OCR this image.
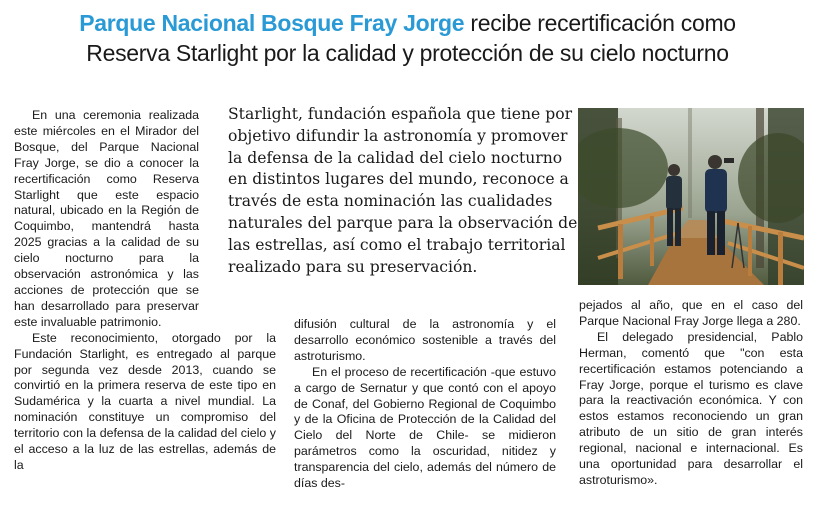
Parque Nacional Bosque Fray Jorge recibe recertificación como
Reserva Starlight por la calidad y protección de su cielo nocturno

En una ceremonia realizada este miércoles en el Mirador del Bosque, del Parque Nacional Fray Jorge, se dio a conocer la recertificación como Reserva Starlight que este espacio natural, ubicado en la Región de Coquimbo, mantendrá hasta 2025 gracias a la calidad de su cielo nocturno para la observación astronómica y las acciones de protección que se han desarrollado para preservar este invaluable patrimonio.

Este reconocimiento, otorgado por la Fundación Starlight, es entregado al parque por segunda vez desde 2013, cuando se convirtió en la primera reserva de este tipo en Sudamérica y la cuarta a nivel mundial. La nominación constituye un compromiso del territorio con la defensa de la calidad del cielo y el acceso a la luz de las estrellas, además de la

Starlight, fundación española que tiene por
objetivo difundir la astronomía y promover
la defensa de la calidad del cielo nocturno
en distintos lugares del mundo, reconoce a
través de esta nominación las cualidades
naturales del parque para la observación de
las estrellas, así como el trabajo territorial
realizado para su preservación.

difusión cultural de la astronomía y el desarrollo económico sostenible a través del astroturismo.

En el proceso de recertificación -que estuvo a cargo de Sernatur y que contó con el apoyo de Conaf, del Gobierno Regional de Coquimbo y de la Oficina de Protección de la Calidad del Cielo del Norte de Chile- se midieron parámetros como la oscuridad, nitidez y transparencia del cielo, además del número de días des-

pejados al año, que en el caso del Parque Nacional Fray Jorge llega a 280.

El delegado presidencial, Pablo Herman, comentó que "con esta recertificación estamos potenciando a Fray Jorge, porque el turismo es clave para la reactivación económica. Y con estos estamos reconociendo un gran atributo de un sitio de gran interés regional, nacional e internacional. Es una oportunidad para desarrollar el astroturismo».
